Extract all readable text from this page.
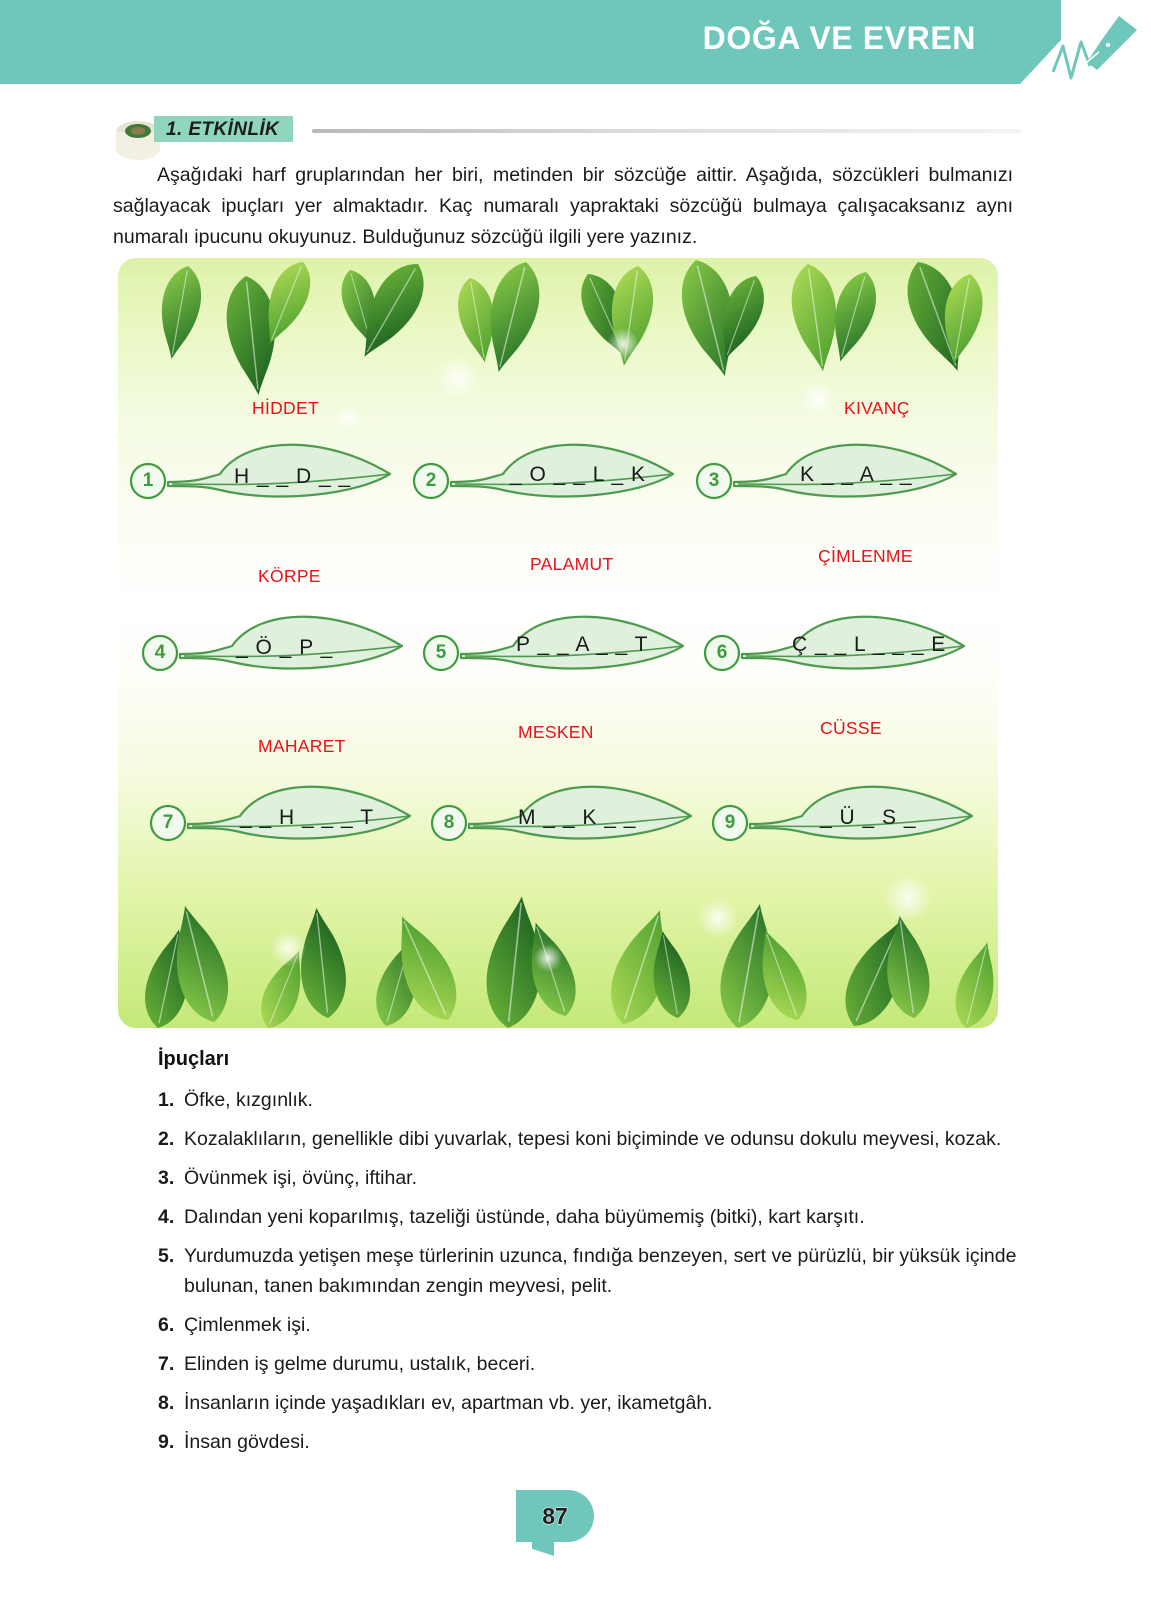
DOĞA VE EVREN
1. ETKİNLİK
Aşağıdaki harf gruplarından her biri, metinden bir sözcüğe aittir. Aşağıda, sözcükleri bulmanızı sağlayacak ipuçları yer almaktadır. Kaç numaralı yapraktaki sözcüğü bulmaya çalışacaksanız aynı numaralı ipucunu okuyunuz. Bulduğunuz sözcüğü ilgili yere yazınız.
HİDDET
H _ _ D _ _
1	_ O _ _ L _ K
2
KIVANÇ
K _ _ A _ _
3
KÖRPE
_ Ö _ P _
4
PALAMUT
P _ _ A _ _ T
5
ÇİMLENME
Ç _ _ L _ _ _ E
6
MAHARET
_ _ H _ _ _ T
7
MESKEN
M _ _ K _ _
8
CÜSSE
_ Ü _ S _
9
İpuçları
1. Öfke, kızgınlık.
2. Kozalaklıların, genellikle dibi yuvarlak, tepesi koni biçiminde ve odunsu dokulu meyvesi, kozak.
3. Övünmek işi, övünç, iftihar.
4. Dalından yeni koparılmış, tazeliği üstünde, daha büyümemiş (bitki), kart karşıtı.
5. Yurdumuzda yetişen meşe türlerinin uzunca, fındığa benzeyen, sert ve pürüzlü, bir yüksük içinde bulunan, tanen bakımından zengin meyvesi, pelit.
6. Çimlenmek işi.
7. Elinden iş gelme durumu, ustalık, beceri.
8. İnsanların içinde yaşadıkları ev, apartman vb. yer, ikametgâh.
9. İnsan gövdesi.
87
